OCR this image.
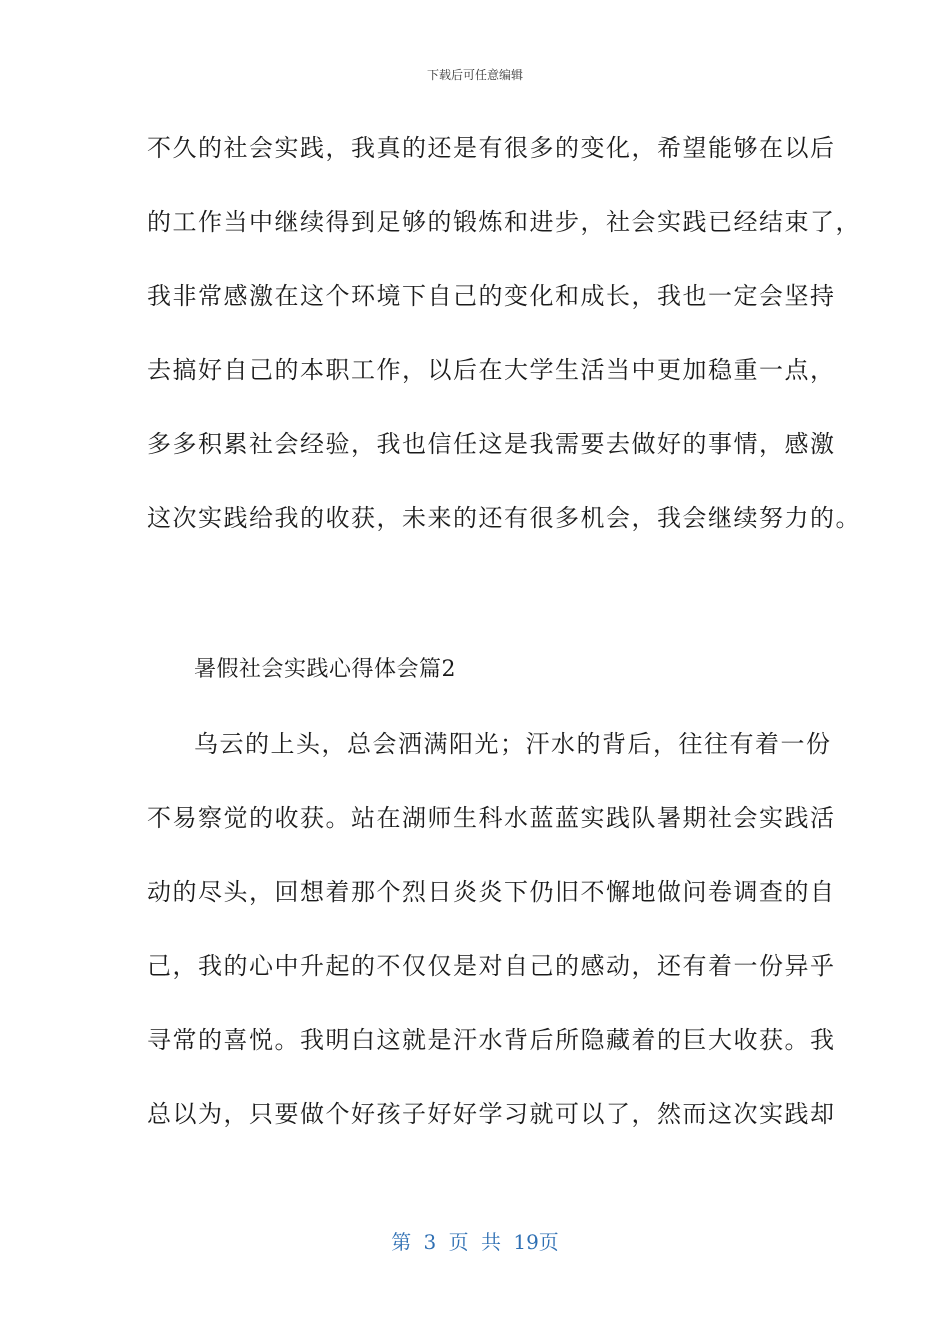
下载后可任意编辑
不久的社会实践，我真的还是有很多的变化，希望能够在以后
的工作当中继续得到足够的锻炼和进步，社会实践已经结束了，
我非常感激在这个环境下自己的变化和成长，我也一定会坚持
去搞好自己的本职工作，以后在大学生活当中更加稳重一点，
多多积累社会经验，我也信任这是我需要去做好的事情，感激
这次实践给我的收获，未来的还有很多机会，我会继续努力的。
暑假社会实践心得体会篇2
乌云的上头，总会洒满阳光；汗水的背后，往往有着一份
不易察觉的收获。站在湖师生科水蓝蓝实践队暑期社会实践活
动的尽头，回想着那个烈日炎炎下仍旧不懈地做问卷调查的自
己，我的心中升起的不仅仅是对自己的感动，还有着一份异乎
寻常的喜悦。我明白这就是汗水背后所隐藏着的巨大收获。我
总以为，只要做个好孩子好好学习就可以了，然而这次实践却
第 3 页 共 19页
